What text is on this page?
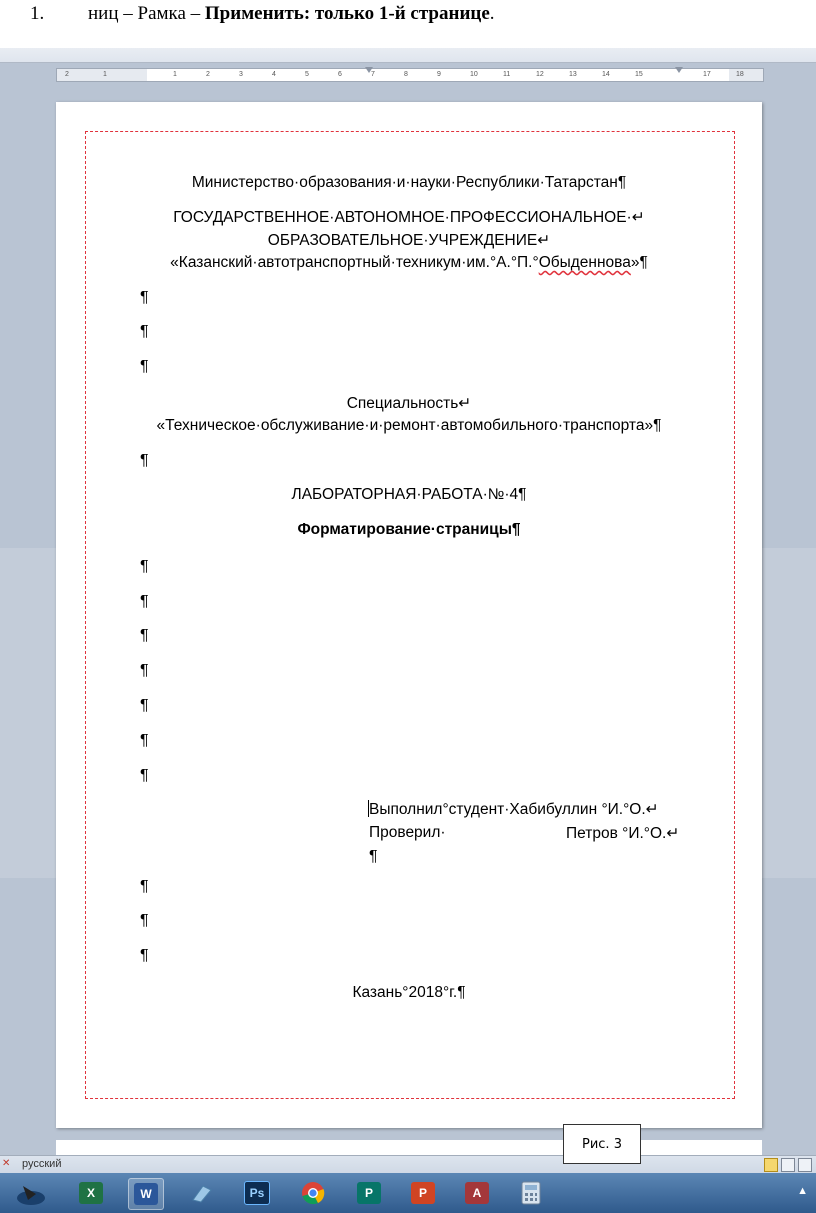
1. ниц – Рамка – Применить: только 1-й странице.
2	1	1	2	3	4	5	6	7	8	9	10	11	12	13	14	15	17	18
Министерство·образования·и·науки·Республики·Татарстан¶
ГОСУДАРСТВЕННОЕ·АВТОНОМНОЕ·ПРОФЕССИОНАЛЬНОЕ·↵
ОБРАЗОВАТЕЛЬНОЕ·УЧРЕЖДЕНИЕ↵
«Казанский·автотранспортный·техникум·им.°А.°П.°Обыденнова»¶
¶
¶
¶
Специальность↵
«Техническое·обслуживание·и·ремонт·автомобильного·транспорта»¶
¶
ЛАБОРАТОРНАЯ·РАБОТА·№·4¶
Форматирование·страницы¶
¶
¶
¶
¶
¶
¶
¶
Выполнил°студент·Хабибуллин °И.°О.↵
Проверил·	Петров °И.°О.↵
¶
¶
¶
¶
Казань°2018°г.¶
Рис. 3
✕ русский
X	W	Ps	P	P	A	▲
